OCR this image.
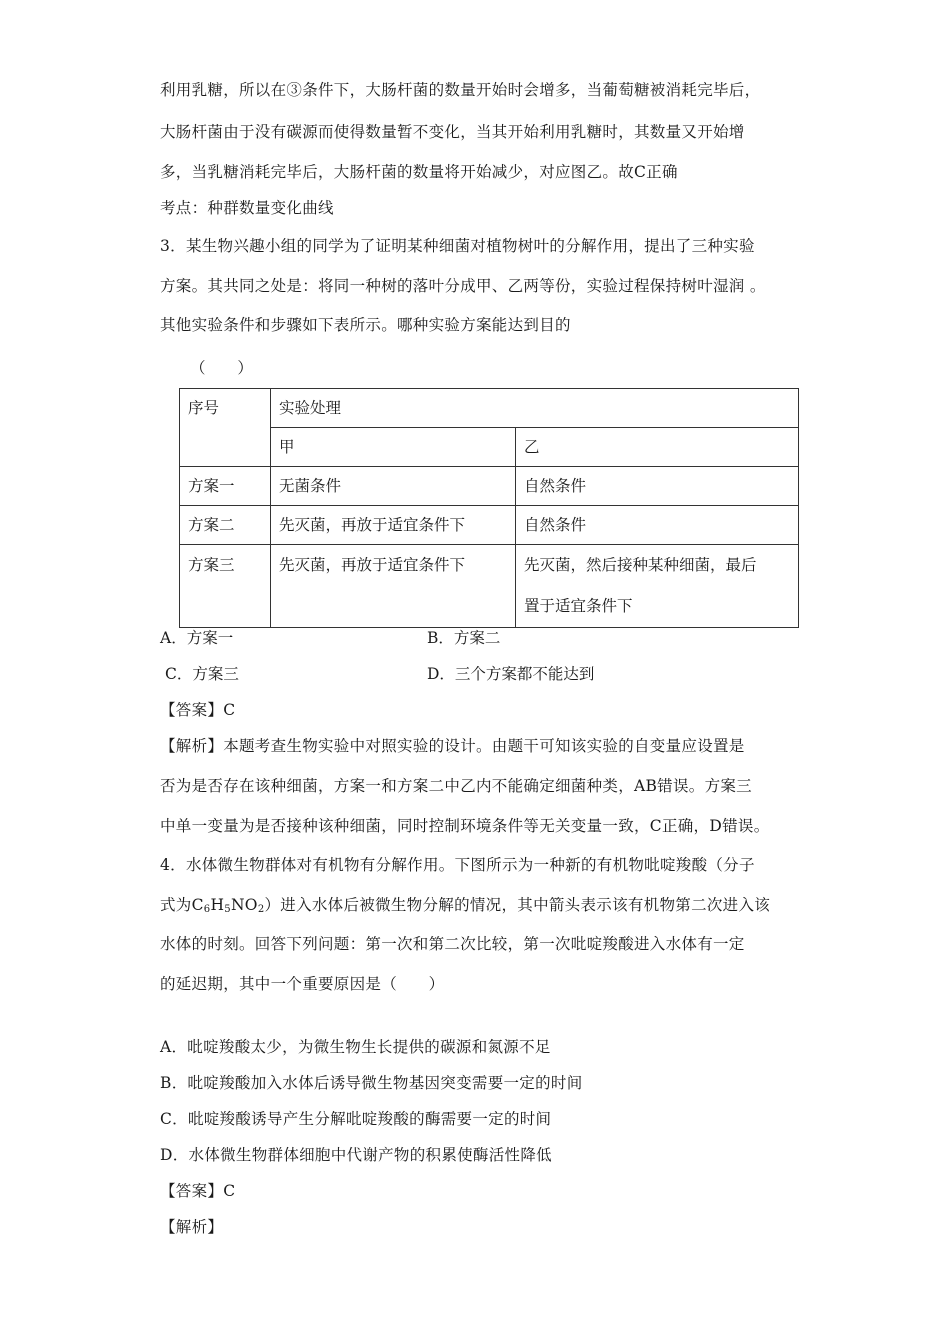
利用乳糖，所以在③条件下，大肠杆菌的数量开始时会增多，当葡萄糖被消耗完毕后，
大肠杆菌由于没有碳源而使得数量暂不变化，当其开始利用乳糖时，其数量又开始增
多，当乳糖消耗完毕后，大肠杆菌的数量将开始减少，对应图乙。故C正确
考点：种群数量变化曲线
3．某生物兴趣小组的同学为了证明某种细菌对植物树叶的分解作用，提出了三种实验
方案。其共同之处是：将同一种树的落叶分成甲、乙两等份，实验过程保持树叶湿润 。
其他实验条件和步骤如下表所示。哪种实验方案能达到目的
（　　）
序号	实验处理	
	甲	乙
方案一	无菌条件	自然条件
方案二	先灭菌，再放于适宜条件下	自然条件
方案三	先灭菌，再放于适宜条件下	先灭菌，然后接种某种细菌，最后
置于适宜条件下
A．方案一	B．方案二
C．方案三	D．三个方案都不能达到
【答案】C
【解析】本题考查生物实验中对照实验的设计。由题干可知该实验的自变量应设置是
否为是否存在该种细菌，方案一和方案二中乙内不能确定细菌种类，AB错误。方案三
中单一变量为是否接种该种细菌，同时控制环境条件等无关变量一致，C正确，D错误。
4．水体微生物群体对有机物有分解作用。下图所示为一种新的有机物吡啶羧酸（分子
式为$C_6H_5NO_2$）进入水体后被微生物分解的情况，其中箭头表示该有机物第二次进入该
水体的时刻。回答下列问题：第一次和第二次比较，第一次吡啶羧酸进入水体有一定
的延迟期，其中一个重要原因是（　　）
A．吡啶羧酸太少，为微生物生长提供的碳源和氮源不足
B．吡啶羧酸加入水体后诱导微生物基因突变需要一定的时间
C．吡啶羧酸诱导产生分解吡啶羧酸的酶需要一定的时间
D．水体微生物群体细胞中代谢产物的积累使酶活性降低
【答案】C
【解析】
